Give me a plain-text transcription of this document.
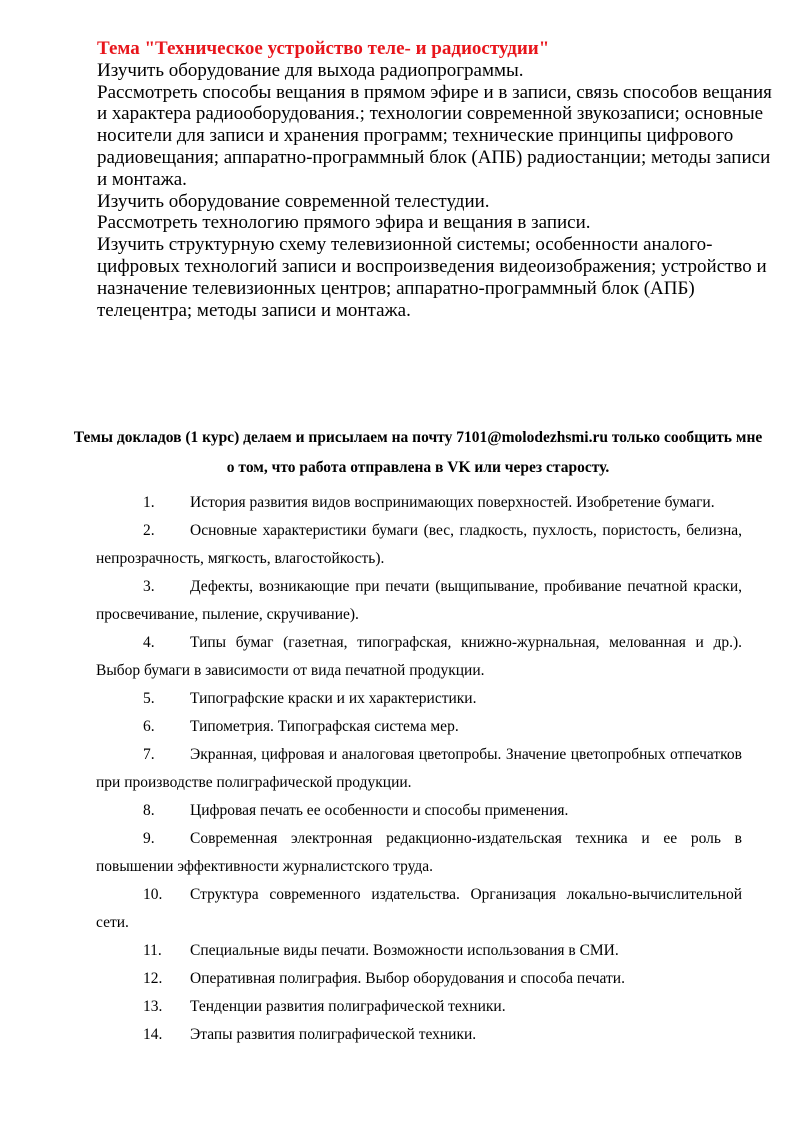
Тема "Техническое устройство теле- и радиостудии"

Изучить оборудование для выхода радиопрограммы.

Рассмотреть способы вещания в прямом эфире и в записи, связь способов вещания и характера радиооборудования.; технологии современной звукозаписи; основные носители для записи и хранения программ; технические принципы цифрового радиовещания; аппаратно-программный блок (АПБ) радиостанции; методы записи и монтажа.

Изучить оборудование современной телестудии.

Рассмотреть технологию прямого эфира и вещания в записи.

Изучить структурную схему телевизионной системы; особенности аналого-цифровых технологий записи и воспроизведения видеоизображения; устройство и назначение телевизионных центров; аппаратно-программный блок (АПБ) телецентра; методы записи и монтажа.

Темы докладов (1 курс) делаем и присылаем на почту 7101@molodezhsmi.ru только сообщить мне о том, что работа отправлена в VK или через старосту.
1. История развития видов воспринимающих поверхностей. Изобретение бумаги.
2. Основные характеристики бумаги (вес, гладкость, пухлость, пористость, белизна, непрозрачность, мягкость, влагостойкость).
3. Дефекты, возникающие при печати (выщипывание, пробивание печатной краски, просвечивание, пыление, скручивание).
4. Типы бумаг (газетная, типографская, книжно-журнальная, мелованная и др.). Выбор бумаги в зависимости от вида печатной продукции.
5. Типографские краски и их характеристики.
6. Типометрия. Типографская система мер.
7. Экранная, цифровая и аналоговая цветопробы. Значение цветопробных отпечатков при производстве полиграфической продукции.
8. Цифровая печать ее особенности и способы применения.
9. Современная электронная редакционно-издательская техника и ее роль в повышении эффективности журналистского труда.
10. Структура современного издательства. Организация локально-вычислительной сети.
11. Специальные виды печати. Возможности использования в СМИ.
12. Оперативная полиграфия. Выбор оборудования и способа печати.
13. Тенденции развития полиграфической техники.
14. Этапы развития полиграфической техники.
